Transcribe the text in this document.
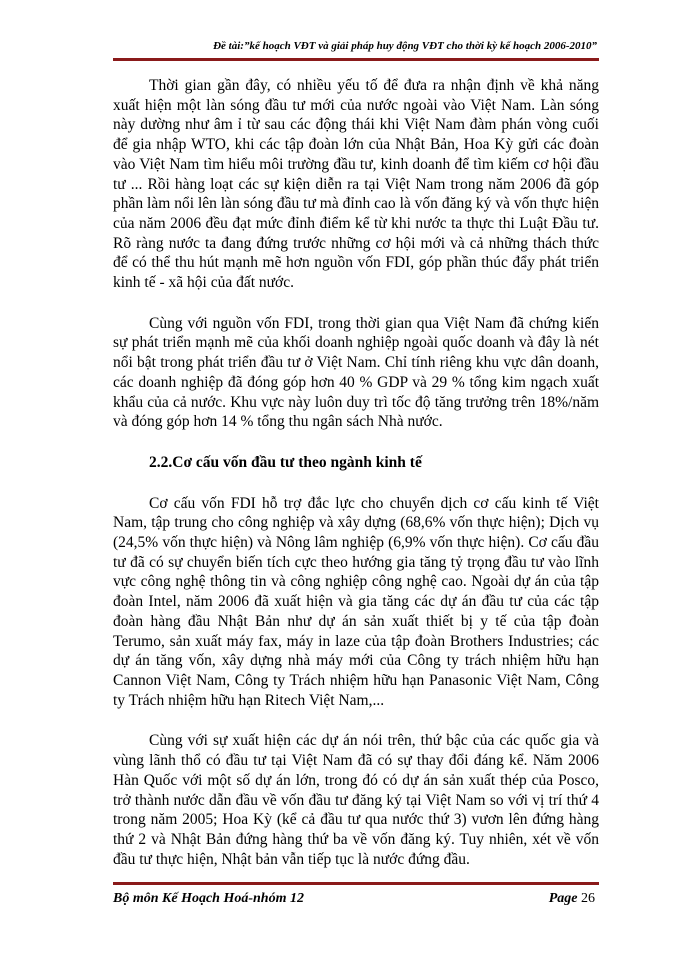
Đề tài:”kế hoạch VĐT và giải pháp huy động VĐT cho thời kỳ kế hoạch 2006-2010”

Thời gian gần đây, có nhiều yếu tố để đưa ra nhận định về khả năng xuất hiện một làn sóng đầu tư mới của nước ngoài vào Việt Nam. Làn sóng này dường như âm ỉ từ sau các động thái khi Việt Nam đàm phán vòng cuối để gia nhập WTO, khi các tập đoàn lớn của Nhật Bản, Hoa Kỳ gửi các đoàn vào Việt Nam tìm hiểu môi trường đầu tư, kinh doanh để tìm kiếm cơ hội đầu tư ... Rồi hàng loạt các sự kiện diễn ra tại Việt Nam trong năm 2006 đã góp phần làm nổi lên làn sóng đầu tư mà đỉnh cao là vốn đăng ký và vốn thực hiện của năm 2006 đều đạt mức đỉnh điểm kể từ khi nước ta thực thi Luật Đầu tư. Rõ ràng nước ta đang đứng trước những cơ hội mới và cả những thách thức để có thể thu hút mạnh mẽ hơn nguồn vốn FDI, góp phần thúc đẩy phát triển kinh tế - xã hội của đất nước.

Cùng với nguồn vốn FDI, trong thời gian qua Việt Nam đã chứng kiến sự phát triển mạnh mẽ của khối doanh nghiệp ngoài quốc doanh và đây là nét nổi bật trong phát triển đầu tư ở Việt Nam. Chỉ tính riêng khu vực dân doanh, các doanh nghiệp đã đóng góp hơn 40 % GDP và 29 % tổng kim ngạch xuất khẩu của cả nước. Khu vực này luôn duy trì tốc độ tăng trưởng trên 18%/năm và đóng góp hơn 14 % tổng thu ngân sách Nhà nước.

2.2.Cơ cấu vốn đầu tư theo ngành kinh tế

Cơ cấu vốn FDI hỗ trợ đắc lực cho chuyển dịch cơ cấu kinh tế Việt Nam, tập trung cho công nghiệp và xây dựng (68,6% vốn thực hiện); Dịch vụ (24,5% vốn thực hiện) và Nông lâm nghiệp (6,9% vốn thực hiện). Cơ cấu đầu tư đã có sự chuyển biến tích cực theo hướng gia tăng tỷ trọng đầu tư vào lĩnh vực công nghệ thông tin và công nghiệp công nghệ cao. Ngoài dự án của tập đoàn Intel, năm 2006 đã xuất hiện và gia tăng các dự án đầu tư của các tập đoàn hàng đầu Nhật Bản như dự án sản xuất thiết bị y tế của tập đoàn Terumo, sản xuất máy fax, máy in laze của tập đoàn Brothers Industries; các dự án tăng vốn, xây dựng nhà máy mới của Công ty trách nhiệm hữu hạn Cannon Việt Nam, Công ty Trách nhiệm hữu hạn Panasonic Việt Nam, Công ty Trách nhiệm hữu hạn Ritech Việt Nam,...

Cùng với sự xuất hiện các dự án nói trên, thứ bậc của các quốc gia và vùng lãnh thổ có đầu tư tại Việt Nam đã có sự thay đổi đáng kể. Năm 2006 Hàn Quốc với một số dự án lớn, trong đó có dự án sản xuất thép của Posco, trở thành nước dẫn đầu về vốn đầu tư đăng ký tại Việt Nam so với vị trí thứ 4 trong năm 2005; Hoa Kỳ (kể cả đầu tư qua nước thứ 3) vươn lên đứng hàng thứ 2 và Nhật Bản đứng hàng thứ ba về vốn đăng ký. Tuy nhiên, xét về vốn đầu tư thực hiện, Nhật bản vẫn tiếp tục là nước đứng đầu.

Bộ môn Kế Hoạch Hoá-nhóm 12	Page 26
